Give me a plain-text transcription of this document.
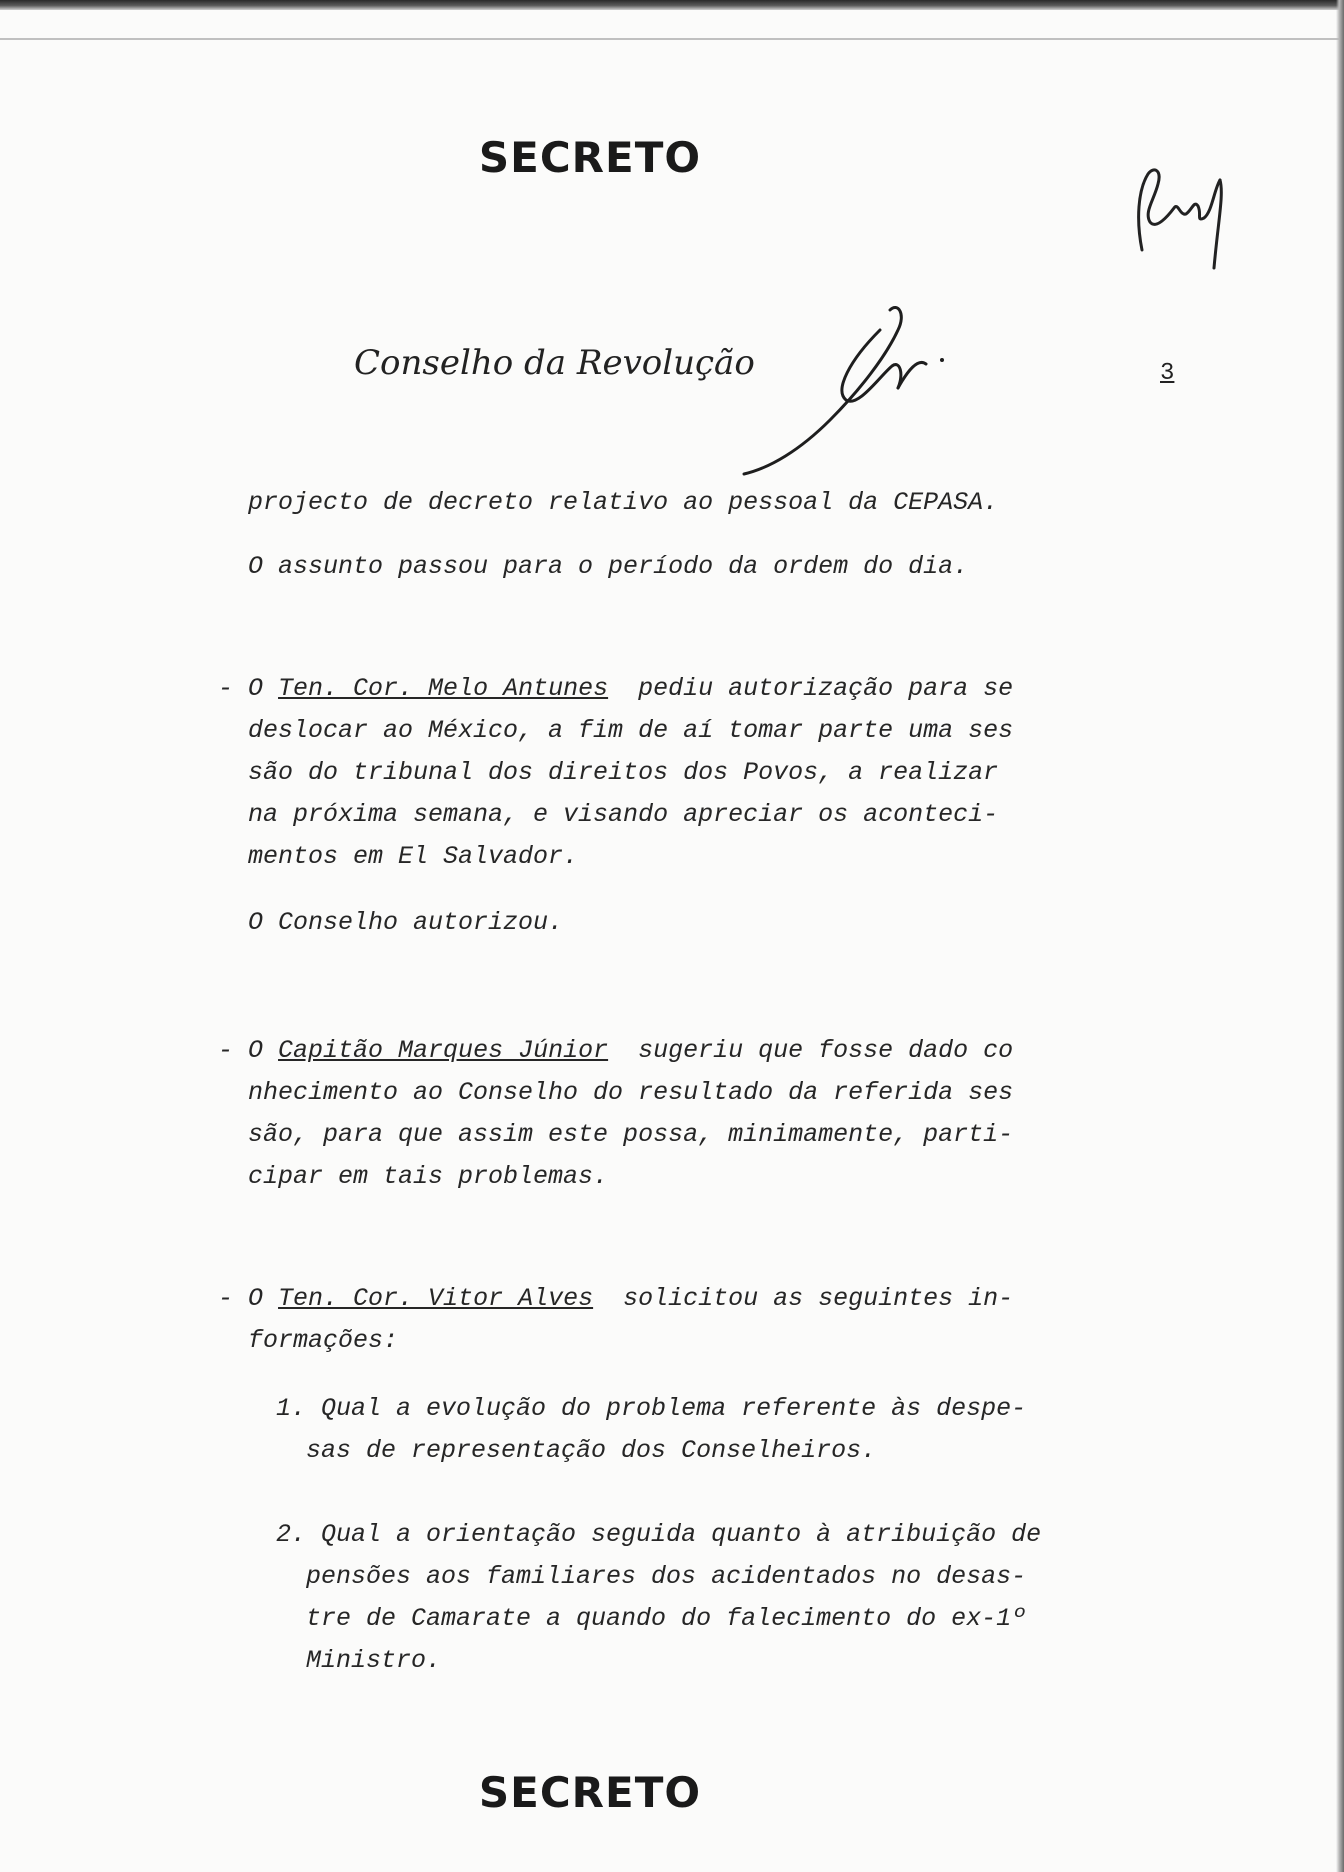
SECRETO
Conselho da Revolução	3
projecto de decreto relativo ao pessoal da CEPASA.
O assunto passou para o período da ordem do dia.
- O Ten. Cor. Melo Antunes pediu autorização para se
deslocar ao México, a fim de aí tomar parte uma ses
são do tribunal dos direitos dos Povos, a realizar
na próxima semana, e visando apreciar os aconteci-
mentos em El Salvador.
O Conselho autorizou.
- O Capitão Marques Júnior sugeriu que fosse dado co
nhecimento ao Conselho do resultado da referida ses
são, para que assim este possa, minimamente, parti-
cipar em tais problemas.
- O Ten. Cor. Vitor Alves solicitou as seguintes in-
formações:
1. Qual a evolução do problema referente às despe-
sas de representação dos Conselheiros.
2. Qual a orientação seguida quanto à atribuição de
pensões aos familiares dos acidentados no desas-
tre de Camarate a quando do falecimento do ex-1º
Ministro.
SECRETO
